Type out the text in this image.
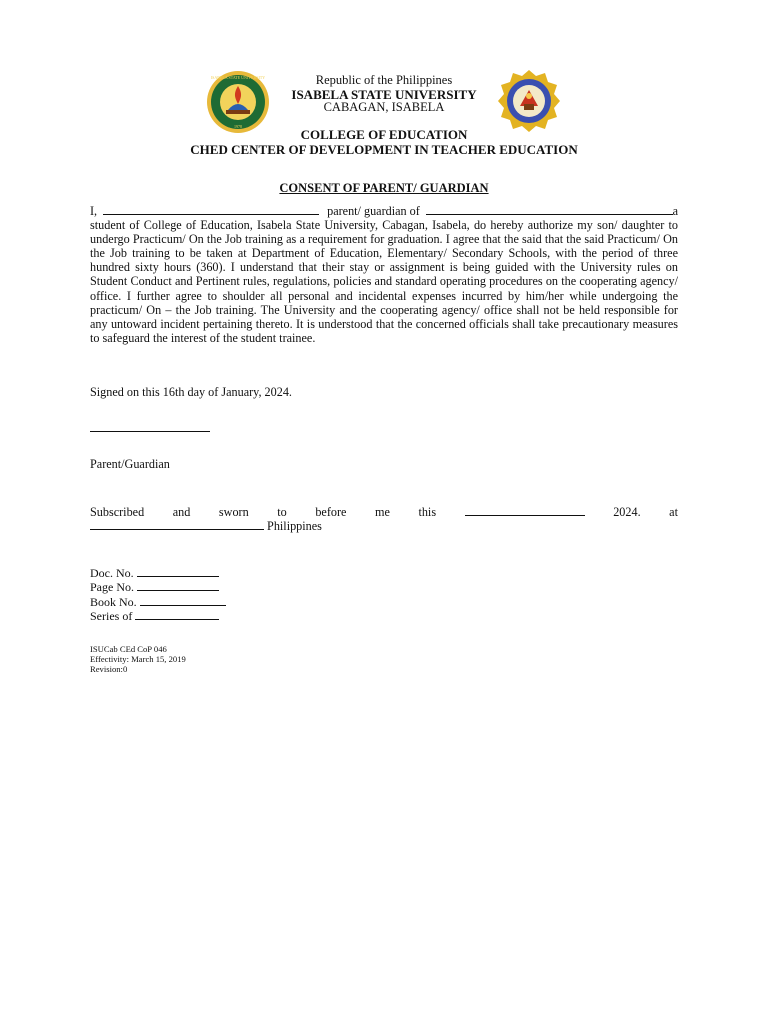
1978
ISABELA STATE UNIVERSITY	Republic of the Philippines
ISABELA STATE UNIVERSITY
CABAGAN, ISABELA
COLLEGE OF EDUCATION
CHED CENTER OF DEVELOPMENT IN TEACHER EDUCATION
CONSENT OF PARENT/ GUARDIAN
I,	parent/ guardian of	a
student of College of Education, Isabela State University, Cabagan, Isabela, do hereby authorize my son/ daughter to undergo Practicum/ On the Job training as a requirement for graduation. I agree that the said that the said Practicum/ On the Job training to be taken at Department of Education, Elementary/ Secondary Schools, with the period of three hundred sixty hours (360). I understand that their stay or assignment is being guided with the University rules on Student Conduct and Pertinent rules, regulations, policies and standard operating procedures on the cooperating agency/ office. I further agree to shoulder all personal and incidental expenses incurred by him/her while undergoing the practicum/ On – the Job training. The University and the cooperating agency/ office shall not be held responsible for any untoward incident pertaining thereto. It is understood that the concerned officials shall take precautionary measures to safeguard the interest of the student trainee.
Signed on this 16th day of January, 2024.
Parent/Guardian
Subscribed and sworn to before me this	2024. at
Philippines
Doc. No.
Page No.
Book No.
Series of
ISUCab CEd CoP 046
Effectivity: March 15, 2019
Revision:0
